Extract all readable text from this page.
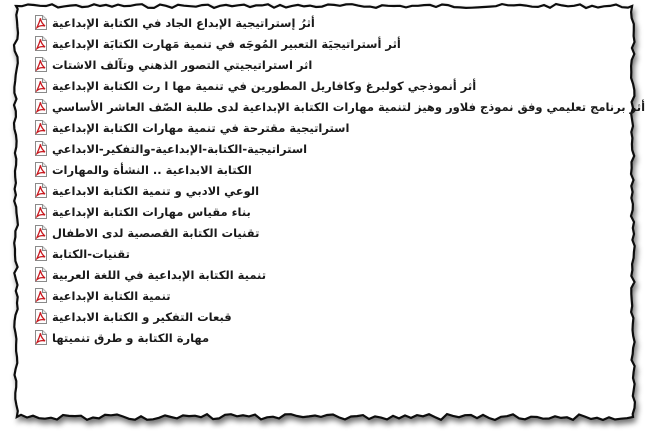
أثرُ إستراتيجية الإبداع الجاد في الكتابة الإبداعية
أثر أستراتيجيَة التعبير المُوجَه في تنمية مَهارت الكتابَة الإبداعية
اثر استراتيجيتي التصور الذهني وتآلف الاشتات
أثر أنموذجي كولبرغ وكافاريل المطورين في تنمية مها ا رت الكتابة الإبداعية
أثر برنامج تعليمي وفق نموذج فلاور وهيز لتنمية مهارات الكتابة الإبداعية لدى طلبة الصّف العاشر الأساسي
استراتيجية مقترحة في تنمية مهارات الكتابة الإبداعية
استراتيجية-الكتابة-الإبداعية-والتفكير-الابداعي
الكتابة الابداعية .. النشأة والمهارات
الوعي الادبي و تنمية الكتابة الابداعية
بناء مقياس مهارات الكتابة الإبداعية
تقنيات الكتابة القصصية لدى الاطفال
تقنيات-الكتابة
تنمية الكتابة الإبداعية في اللغة العربية
تنمية الكتابة الإبداعية
قبعات التفكير و الكتابة الابداعية
مهارة الكتابة و طرق تنميتها
